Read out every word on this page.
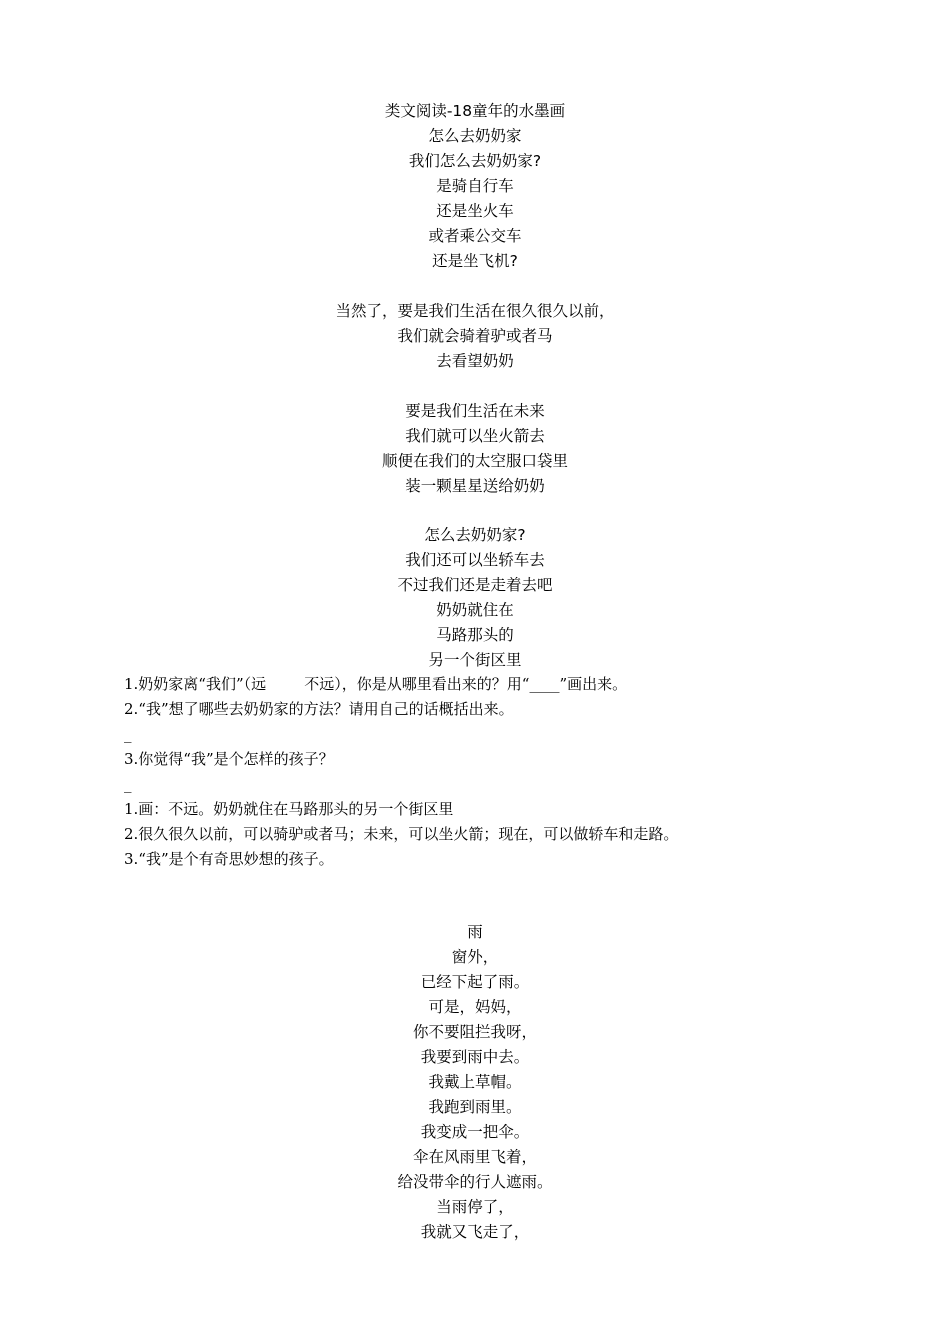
类文阅读-18童年的水墨画
怎么去奶奶家
我们怎么去奶奶家?
是骑自行车
还是坐火车
或者乘公交车
还是坐飞机?
当然了，要是我们生活在很久很久以前，
我们就会骑着驴或者马
去看望奶奶
要是我们生活在未来
我们就可以坐火箭去
顺便在我们的太空服口袋里
装一颗星星送给奶奶
怎么去奶奶家?
我们还可以坐轿车去
不过我们还是走着去吧
奶奶就住在
马路那头的
另一个街区里
1.奶奶家离“我们”（远        不远），你是从哪里看出来的？用“____”画出来。
2.“我”想了哪些去奶奶家的方法？请用自己的话概括出来。
_
3.你觉得“我”是个怎样的孩子？
_
1.画：不远。奶奶就住在马路那头的另一个街区里
2.很久很久以前，可以骑驴或者马；未来，可以坐火箭；现在，可以做轿车和走路。
3.“我”是个有奇思妙想的孩子。
雨
窗外，
已经下起了雨。
可是，妈妈，
你不要阻拦我呀，
我要到雨中去。
我戴上草帽。
我跑到雨里。
我变成一把伞。
伞在风雨里飞着，
给没带伞的行人遮雨。
当雨停了，
我就又飞走了，
